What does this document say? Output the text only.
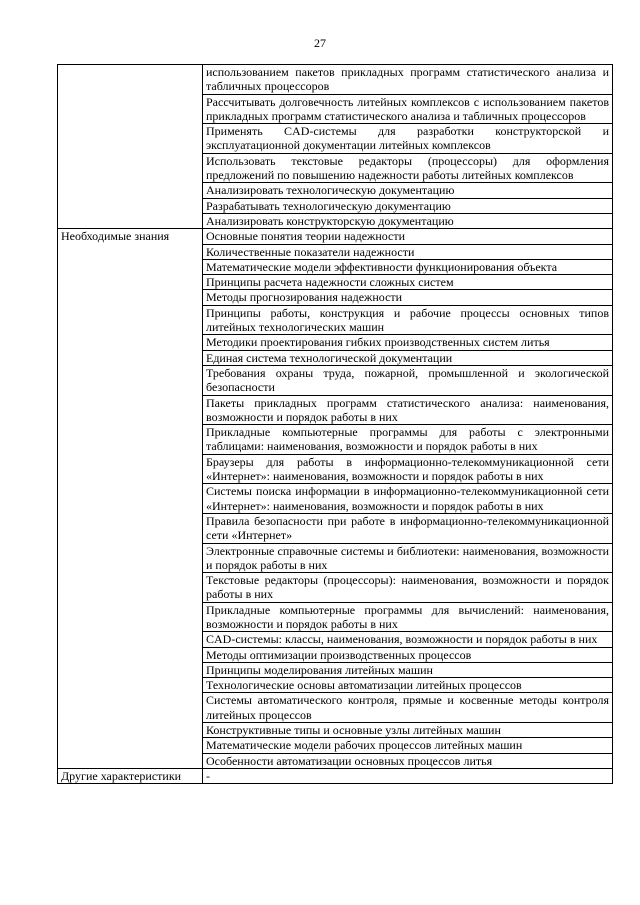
27
	использованием пакетов прикладных программ статистического анализа и табличных процессоров
	Рассчитывать долговечность литейных комплексов с использованием пакетов прикладных программ статистического анализа и табличных процессоров
	Применять CAD-системы для разработки конструкторской и эксплуатационной документации литейных комплексов
	Использовать текстовые редакторы (процессоры) для оформления предложений по повышению надежности работы литейных комплексов
	Анализировать технологическую документацию
	Разрабатывать технологическую документацию
	Анализировать конструкторскую документацию
Необходимые знания	Основные понятия теории надежности
	Количественные показатели надежности
	Математические модели эффективности функционирования объекта
	Принципы расчета надежности сложных систем
	Методы прогнозирования надежности
	Принципы работы, конструкция и рабочие процессы основных типов литейных технологических машин
	Методики проектирования гибких производственных систем литья
	Единая система технологической документации
	Требования охраны труда, пожарной, промышленной и экологической безопасности
	Пакеты прикладных программ статистического анализа: наименования, возможности и порядок работы в них
	Прикладные компьютерные программы для работы с электронными таблицами: наименования, возможности и порядок работы в них
	Браузеры для работы в информационно-телекоммуникационной сети «Интернет»: наименования, возможности и порядок работы в них
	Системы поиска информации в информационно-телекоммуникационной сети «Интернет»: наименования, возможности и порядок работы в них
	Правила безопасности при работе в информационно-телекоммуникационной сети «Интернет»
	Электронные справочные системы и библиотеки: наименования, возможности и порядок работы в них
	Текстовые редакторы (процессоры): наименования, возможности и порядок работы в них
	Прикладные компьютерные программы для вычислений: наименования, возможности и порядок работы в них
	CAD-системы: классы, наименования, возможности и порядок работы в них
	Методы оптимизации производственных процессов
	Принципы моделирования литейных машин
	Технологические основы автоматизации литейных процессов
	Системы автоматического контроля, прямые и косвенные методы контроля литейных процессов
	Конструктивные типы и основные узлы литейных машин
	Математические модели рабочих процессов литейных машин
	Особенности автоматизации основных процессов литья
Другие характеристики	-
